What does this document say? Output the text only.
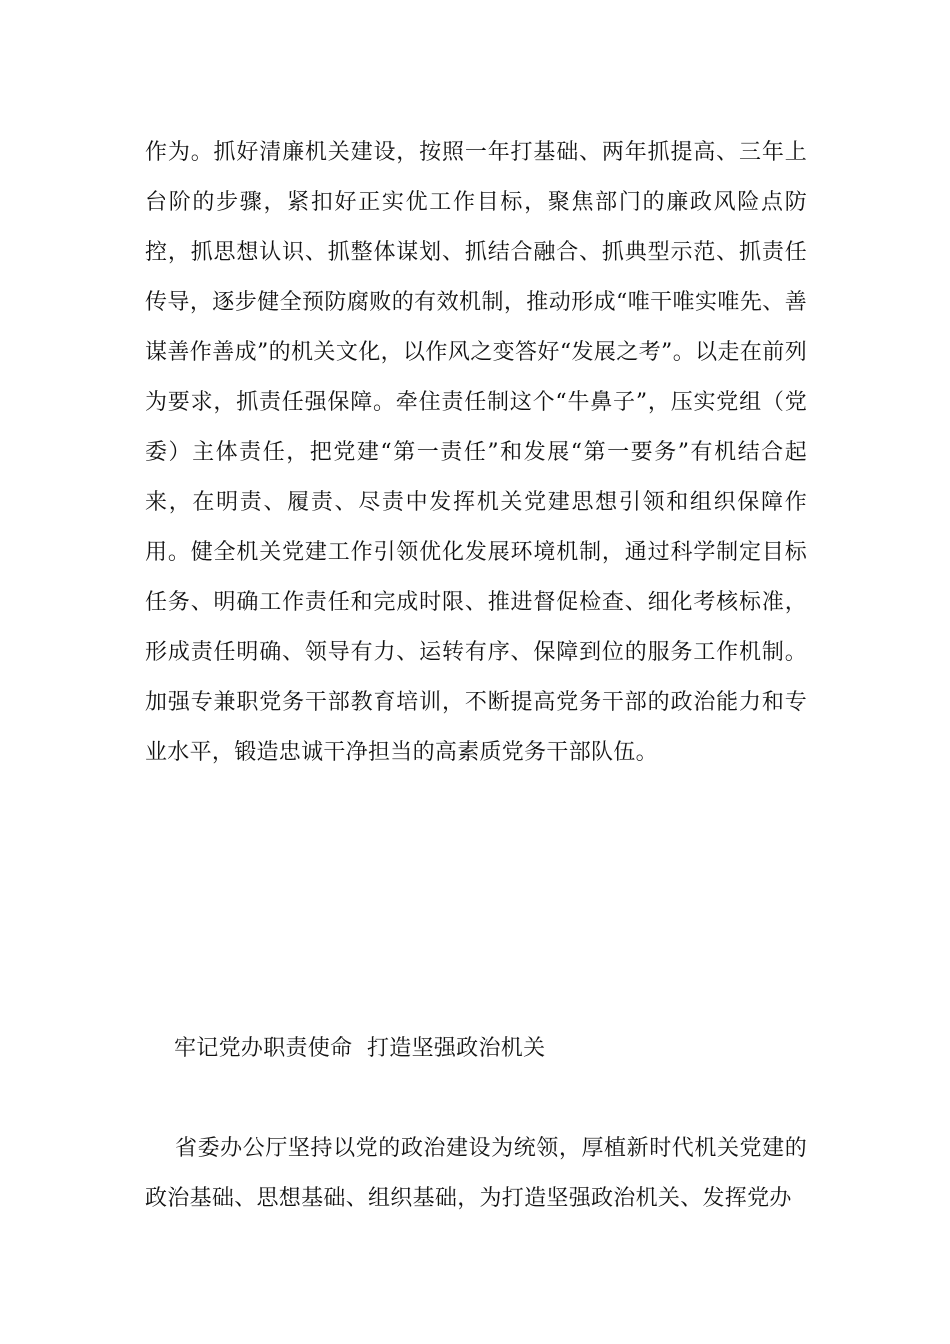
作为。抓好清廉机关建设，按照一年打基础、两年抓提高、三年上台阶的步骤，紧扣好正实优工作目标，聚焦部门的廉政风险点防控，抓思想认识、抓整体谋划、抓结合融合、抓典型示范、抓责任传导，逐步健全预防腐败的有效机制，推动形成“唯干唯实唯先、善谋善作善成”的机关文化，以作风之变答好“发展之考”。以走在前列为要求，抓责任强保障。牵住责任制这个“牛鼻子”，压实党组（党委）主体责任，把党建“第一责任”和发展“第一要务”有机结合起来，在明责、履责、尽责中发挥机关党建思想引领和组织保障作用。健全机关党建工作引领优化发展环境机制，通过科学制定目标任务、明确工作责任和完成时限、推进督促检查、细化考核标准，形成责任明确、领导有力、运转有序、保障到位的服务工作机制。加强专兼职党务干部教育培训，不断提高党务干部的政治能力和专业水平，锻造忠诚干净担当的高素质党务干部队伍。

牢记党办职责使命  打造坚强政治机关

省委办公厅坚持以党的政治建设为统领，厚植新时代机关党建的政治基础、思想基础、组织基础，为打造坚强政治机关、发挥党办
